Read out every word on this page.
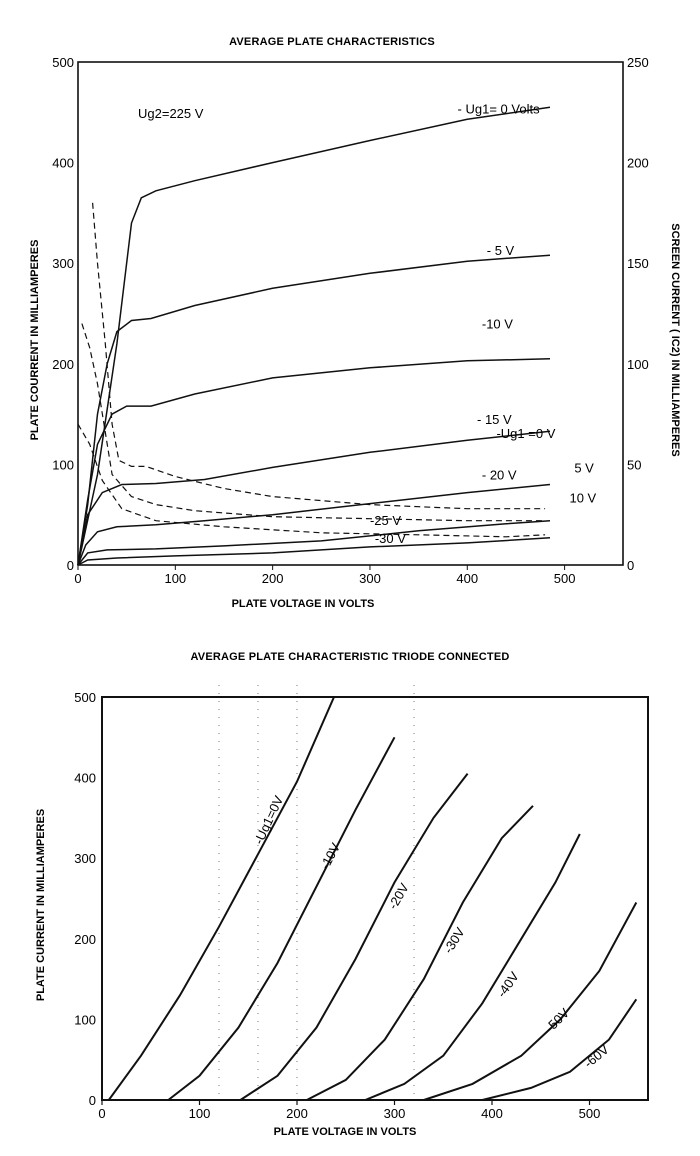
AVERAGE PLATE CHARACTERISTICS
PLATE VOLTAGE IN VOLTS
PLATE COURRENT IN MILLIAMPERES	SCREEN CURRENT ( IC2) IN MILLIAMPERES
Ug2=225 V
0	100	200	300	400	500
0
100
200
300
400
500
0
50
100
150
200
250
- Ug1= 0 Volts
- 5 V
-10 V
- 15 V
- 20 V
-25 V
-30 V
-Ug1 =0 V
5 V
10 V
AVERAGE PLATE CHARACTERISTIC TRIODE CONNECTED
PLATE VOLTAGE IN VOLTS
PLATE CURRENT IN MILLIAMPERES
0	100	200	300	400	500
0
100
200
300
400
500
-Ug1=0V
-10V
-20V
-30V
-40V
-50V
-60V
